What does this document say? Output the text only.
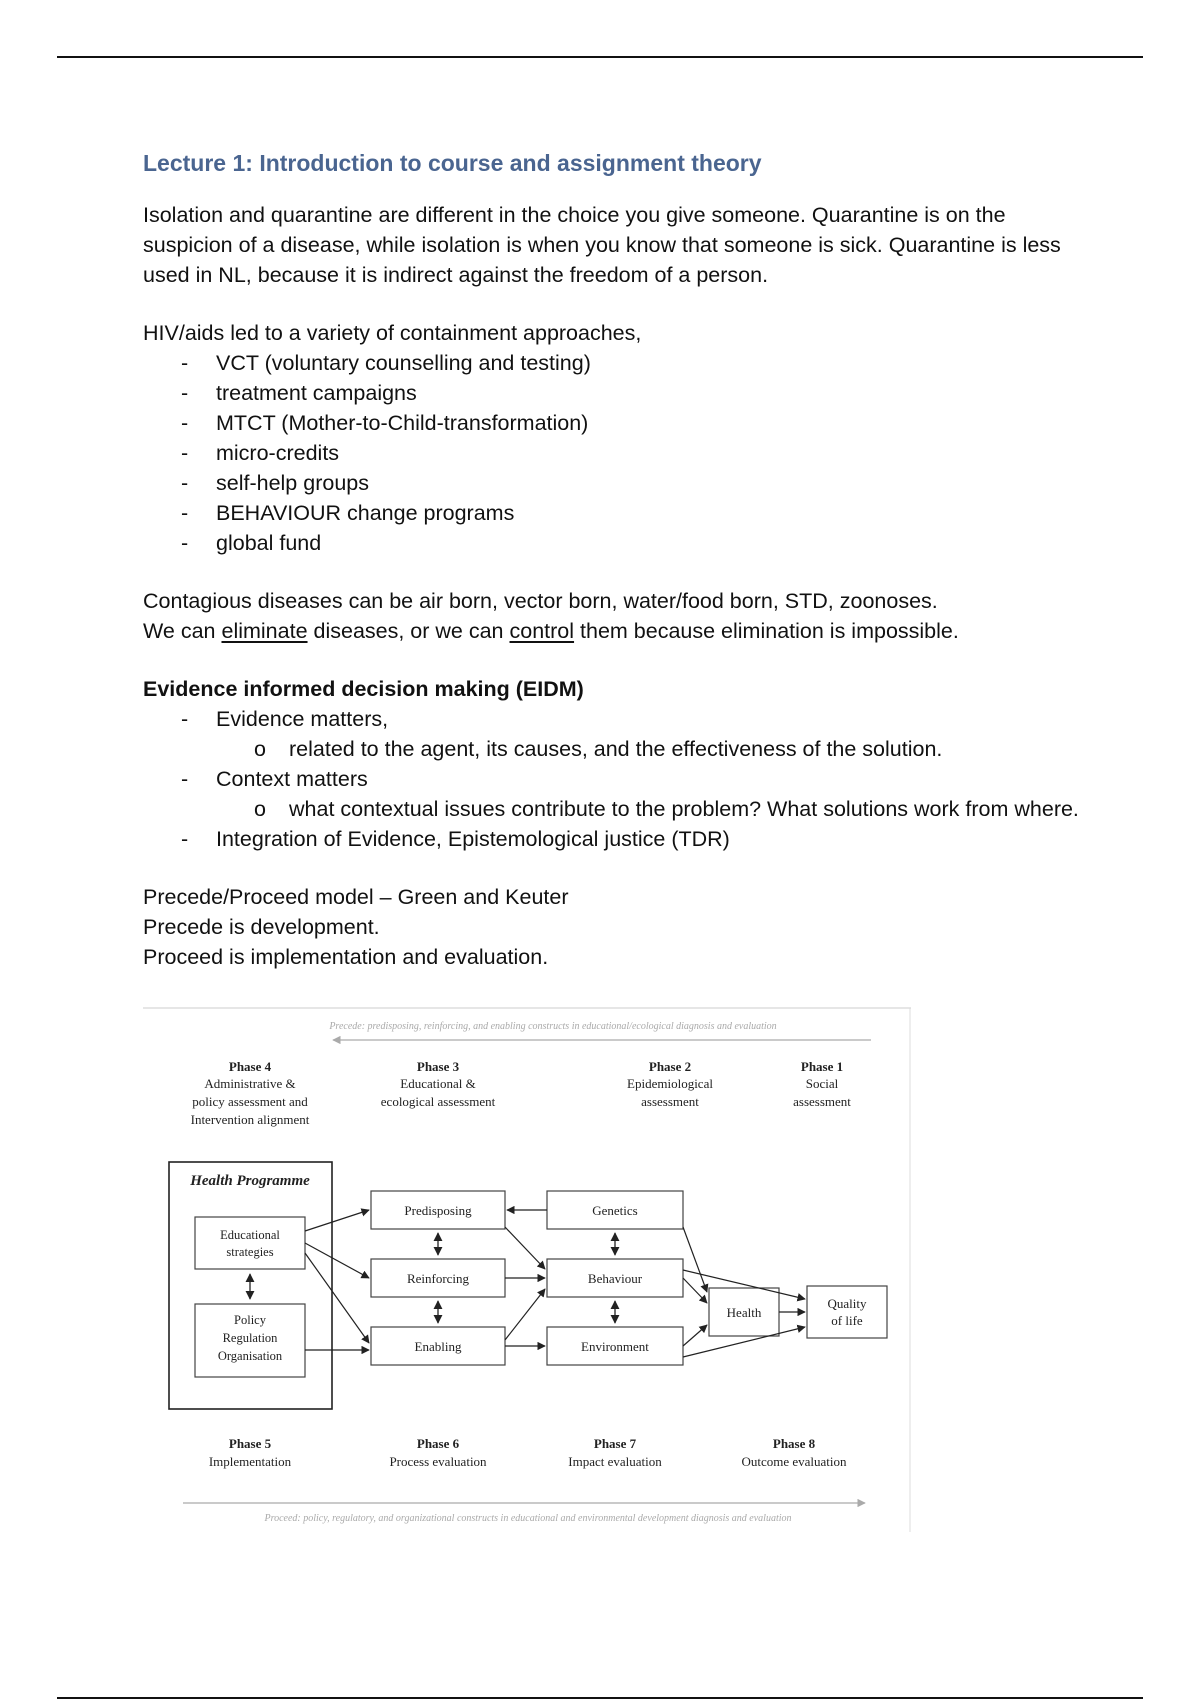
Lecture 1: Introduction to course and assignment theory

Isolation and quarantine are different in the choice you give someone. Quarantine is on the suspicion of a disease, while isolation is when you know that someone is sick. Quarantine is less used in NL, because it is indirect against the freedom of a person.

HIV/aids led to a variety of containment approaches,

- VCT (voluntary counselling and testing)
- treatment campaigns
- MTCT (Mother-to-Child-transformation)
- micro-credits
- self-help groups
- BEHAVIOUR change programs
- global fund

Contagious diseases can be air born, vector born, water/food born, STD, zoonoses.

We can eliminate diseases, or we can control them because elimination is impossible.

Evidence informed decision making (EIDM)

- Evidence matters,
o related to the agent, its causes, and the effectiveness of the solution.
- Context matters
o what contextual issues contribute to the problem? What solutions work from where.
- Integration of Evidence, Epistemological justice (TDR)

Precede/Proceed model – Green and Keuter

Precede is development.

Proceed is implementation and evaluation.

Precede: predisposing, reinforcing, and enabling constructs in educational/ecological diagnosis and evaluation
Phase 4
Administrative &
policy assessment and
Intervention alignment
Phase 3
Educational &
ecological assessment
Phase 2
Epidemiological
assessment
Phase 1
Social
assessment
Health Programme
Educational
strategies
Policy
Regulation
Organisation
Predisposing
Reinforcing
Enabling
Genetics
Behaviour
Environment
Health
Quality
of life
Phase 5
Implementation
Phase 6
Process evaluation
Phase 7
Impact evaluation
Phase 8
Outcome evaluation
Proceed: policy, regulatory, and organizational constructs in educational and environmental development diagnosis and evaluation
